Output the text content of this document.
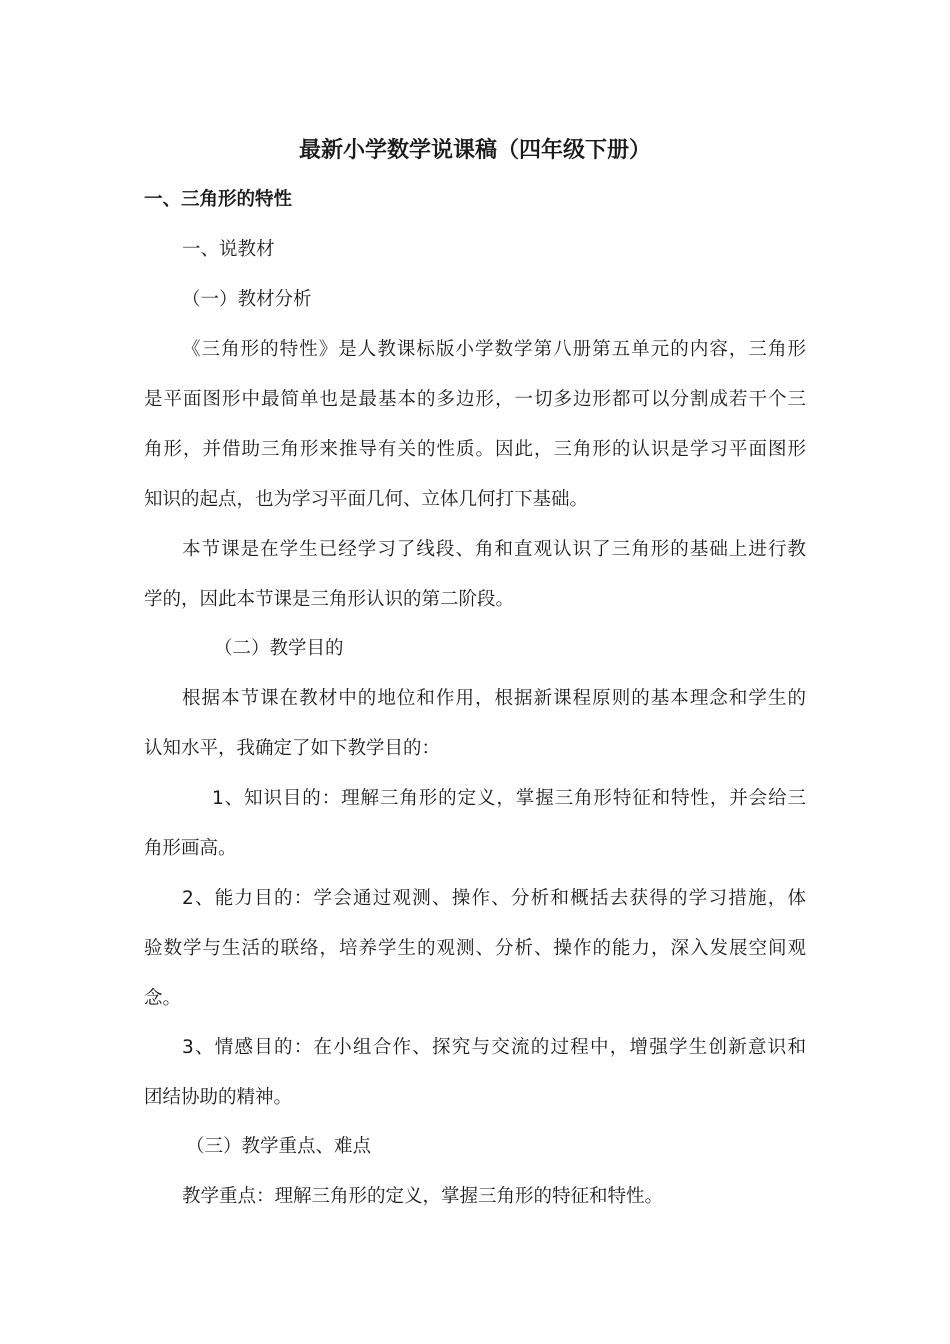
最新小学数学说课稿（四年级下册）
一、三角形的特性
一、说教材
（一）教材分析
《三角形的特性》是人教课标版小学数学第八册第五单元的内容，三角形
是平面图形中最简单也是最基本的多边形，一切多边形都可以分割成若干个三
角形，并借助三角形来推导有关的性质。因此，三角形的认识是学习平面图形
知识的起点，也为学习平面几何、立体几何打下基础。
本节课是在学生已经学习了线段、角和直观认识了三角形的基础上进行教
学的，因此本节课是三角形认识的第二阶段。
（二）教学目的
根据本节课在教材中的地位和作用，根据新课程原则的基本理念和学生的
认知水平，我确定了如下教学目的：
1、知识目的：理解三角形的定义，掌握三角形特征和特性，并会给三
角形画高。
2、能力目的：学会通过观测、操作、分析和概括去获得的学习措施，体
验数学与生活的联络，培养学生的观测、分析、操作的能力，深入发展空间观
念。
3、情感目的：在小组合作、探究与交流的过程中，增强学生创新意识和
团结协助的精神。
（三）教学重点、难点
教学重点：理解三角形的定义，掌握三角形的特征和特性。
